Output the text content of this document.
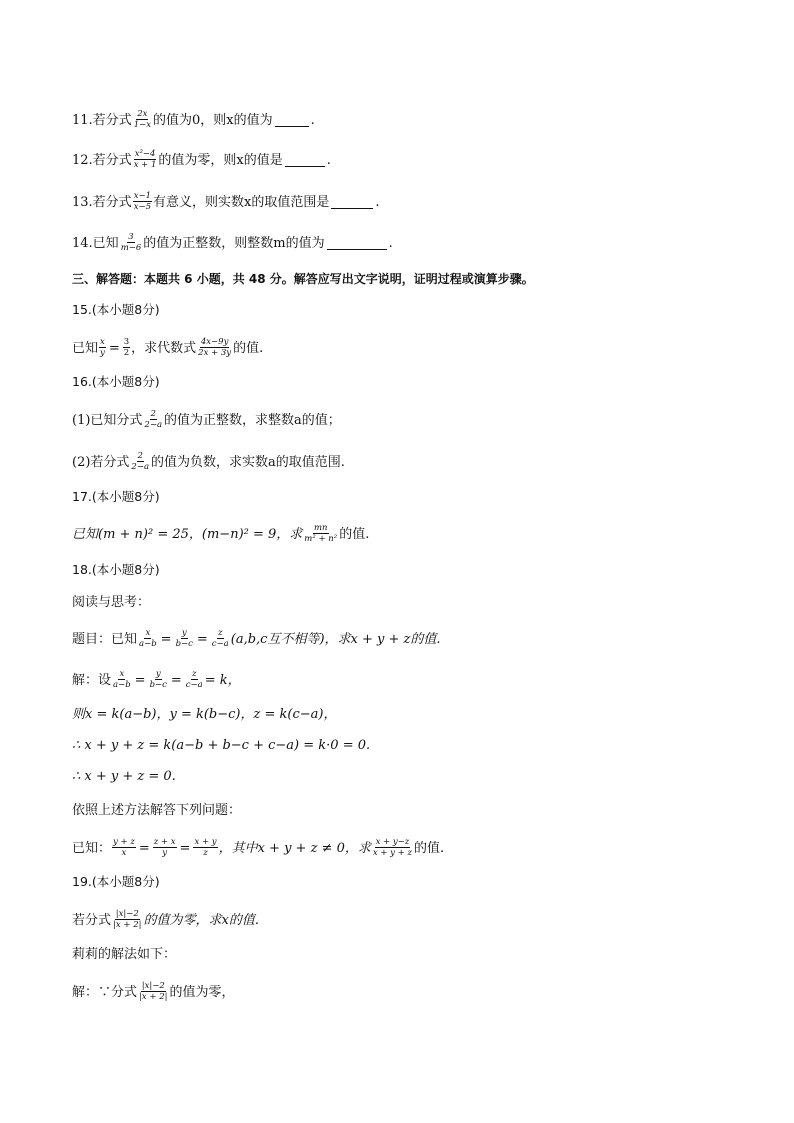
11.若分式 $\frac{2x}{1-x}$ 的值为0，则x的值为	.
12.若分式 $\frac{\text{x²−4}}{x + 1}$ 的值为零，则x的值是	.
13.若分式 $\frac{x-1}{x-5}$ 有意义，则实数x的取值范围是	.
14.已知 $\frac{3}{m-6}$ 的值为正整数，则整数m的值为	.
三、解答题：本题共 6 小题，共 48 分。解答应写出文字说明，证明过程或演算步骤。
15.(本小题8分)
已知 $\frac{x}{y} = \frac{3}{2}$ ，求代数式 $\frac{4x-9y}{2x + 3y}$ 的值.
16.(本小题8分)
(1)已知分式 $\frac{2}{2-a}$ 的值为正整数，求整数a的值；
(2)若分式 $\frac{2}{2-a}$ 的值为负数，求实数a的取值范围.
17.(本小题8分)
已知(m + n)² = 25，(m−n)² = 9，求 $\frac{mn}{\text{m² + n²}}$ 的值.
18.(本小题8分)
阅读与思考：
题目：已知 $\frac{x}{a-b} = \frac{y}{b-c} = \frac{z}{c-a} (a,b,c$互不相等)，求x + y + z的值.
解：设 $\frac{x}{a-b} = \frac{y}{b-c} = \frac{z}{c-a} = k$，
则x = k(a−b)，y = k(b−c)，z = k(c−a)，
∴ x + y + z = k(a−b + b−c + c−a) = k·0 = 0.
∴ x + y + z = 0.
依照上述方法解答下列问题：
已知： $\frac{y + z}{x} = \frac{z + x}{y} = \frac{x + y}{z}$ ，其中x + y + z ≠ 0，求 $\frac{x + y-z}{x + y + z}$ 的值.
19.(本小题8分)
若分式 $\frac{|x|-2}{|x + 2|}$ 的值为零，求x的值.
莉莉的解法如下：
解：∵分式 $\frac{|x|-2}{|x + 2|}$ 的值为零，
